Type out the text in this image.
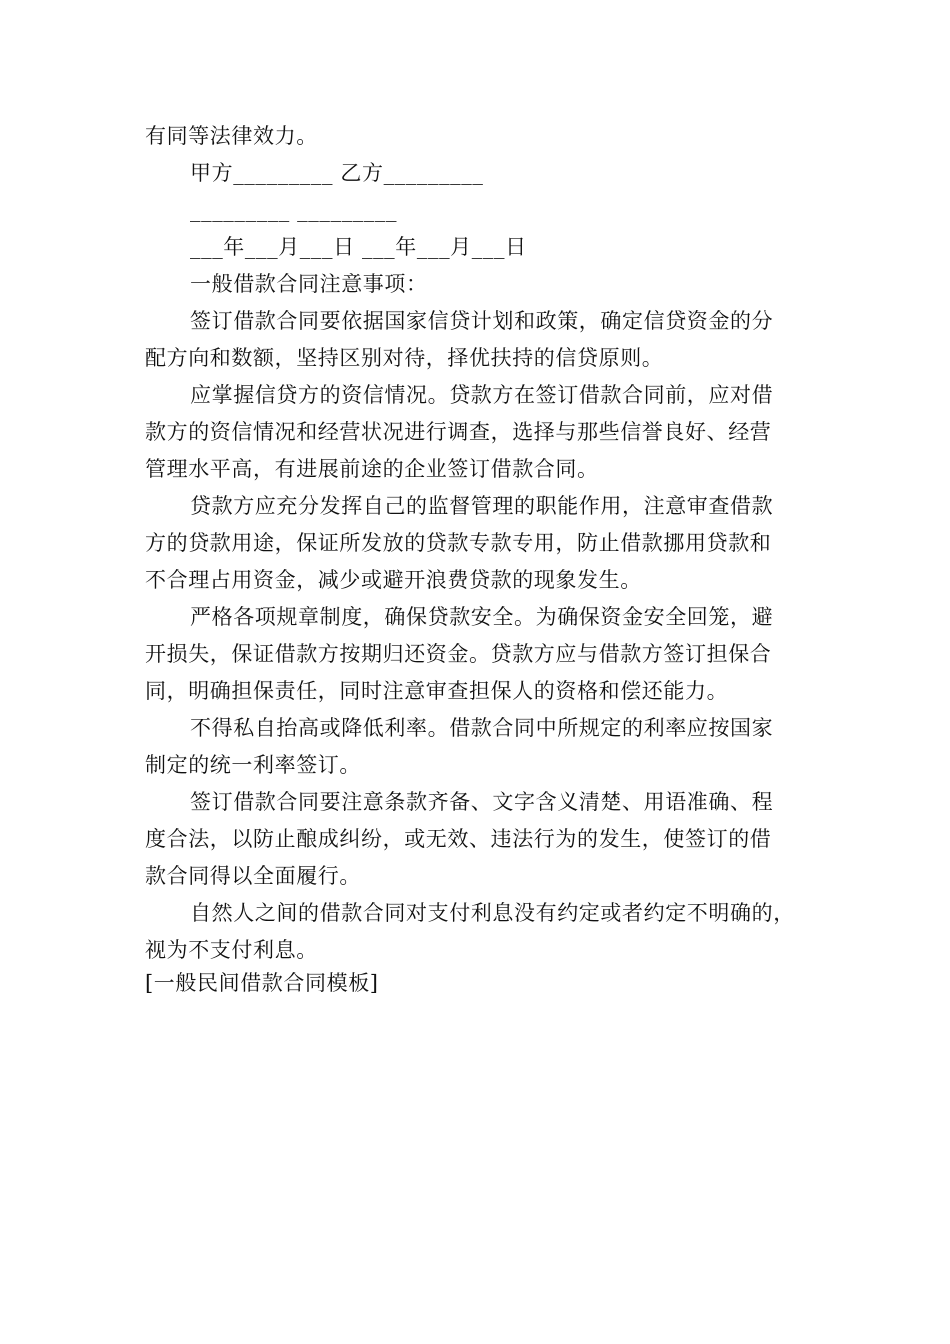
有同等法律效力。
甲方_________ 乙方_________
_________ _________
___年___月___日 ___年___月___日
一般借款合同注意事项：
签订借款合同要依据国家信贷计划和政策，确定信贷资金的分
配方向和数额，坚持区别对待，择优扶持的信贷原则。
应掌握信贷方的资信情况。贷款方在签订借款合同前，应对借
款方的资信情况和经营状况进行调查，选择与那些信誉良好、经营
管理水平高，有进展前途的企业签订借款合同。
贷款方应充分发挥自己的监督管理的职能作用，注意审查借款
方的贷款用途，保证所发放的贷款专款专用，防止借款挪用贷款和
不合理占用资金，减少或避开浪费贷款的现象发生。
严格各项规章制度，确保贷款安全。为确保资金安全回笼，避
开损失，保证借款方按期归还资金。贷款方应与借款方签订担保合
同，明确担保责任，同时注意审查担保人的资格和偿还能力。
不得私自抬高或降低利率。借款合同中所规定的利率应按国家
制定的统一利率签订。
签订借款合同要注意条款齐备、文字含义清楚、用语准确、程
度合法，以防止酿成纠纷，或无效、违法行为的发生，使签订的借
款合同得以全面履行。
自然人之间的借款合同对支付利息没有约定或者约定不明确的，
视为不支付利息。
[一般民间借款合同模板]
